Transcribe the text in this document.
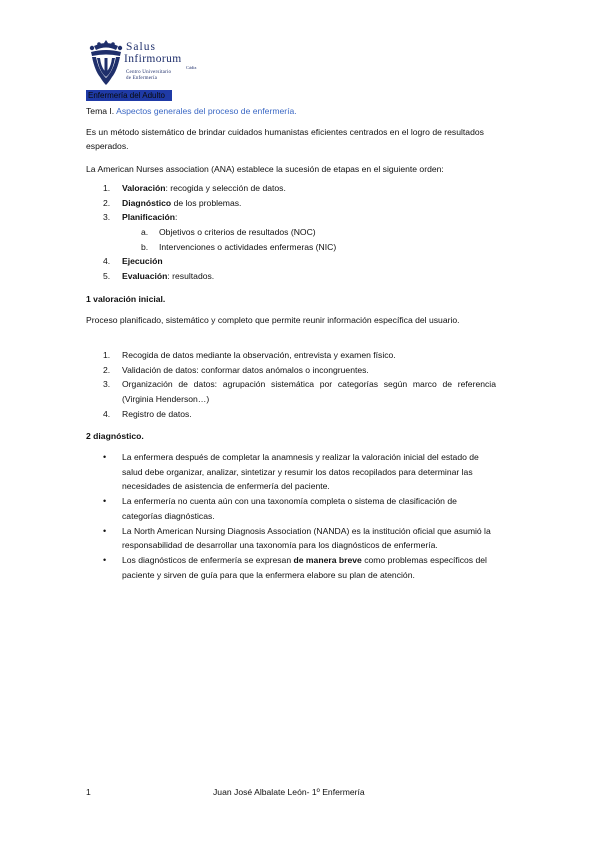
Salus
Infirmorum
Cádiz
Centro Universitario
de Enfermería
Enfermería del Adulto
Tema I. Aspectos generales del proceso de enfermería.

Es un método sistemático de brindar cuidados humanistas eficientes centrados en el logro de resultados esperados.

La American Nurses association (ANA) establece la sucesión de etapas en el siguiente orden:

1. Valoración: recogida y selección de datos.
2. Diagnóstico de los problemas.
3. Planificación:
a. Objetivos o criterios de resultados (NOC)
b. Intervenciones o actividades enfermeras (NIC)
4. Ejecución
5. Evaluación: resultados.
1 valoración inicial.

Proceso planificado, sistemático y completo que permite reunir información específica del usuario.

1. Recogida de datos mediante la observación, entrevista y examen físico.
2. Validación de datos: conformar datos anómalos o incongruentes.
3. Organización de datos: agrupación sistemática por categorías según marco de referencia (Virginia Henderson…)
4. Registro de datos.
2 diagnóstico.
• La enfermera después de completar la anamnesis y realizar la valoración inicial del estado de salud debe organizar, analizar, sintetizar y resumir los datos recopilados para determinar las necesidades de asistencia de enfermería del paciente.
• La enfermería no cuenta aún con una taxonomía completa o sistema de clasificación de categorías diagnósticas.
• La North American Nursing Diagnosis Association (NANDA) es la institución oficial que asumió la responsabilidad de desarrollar una taxonomía para los diagnósticos de enfermería.
• Los diagnósticos de enfermería se expresan de manera breve como problemas específicos del paciente y sirven de guía para que la enfermera elabore su plan de atención.
1	Juan José Albalate León- 1º Enfermería
